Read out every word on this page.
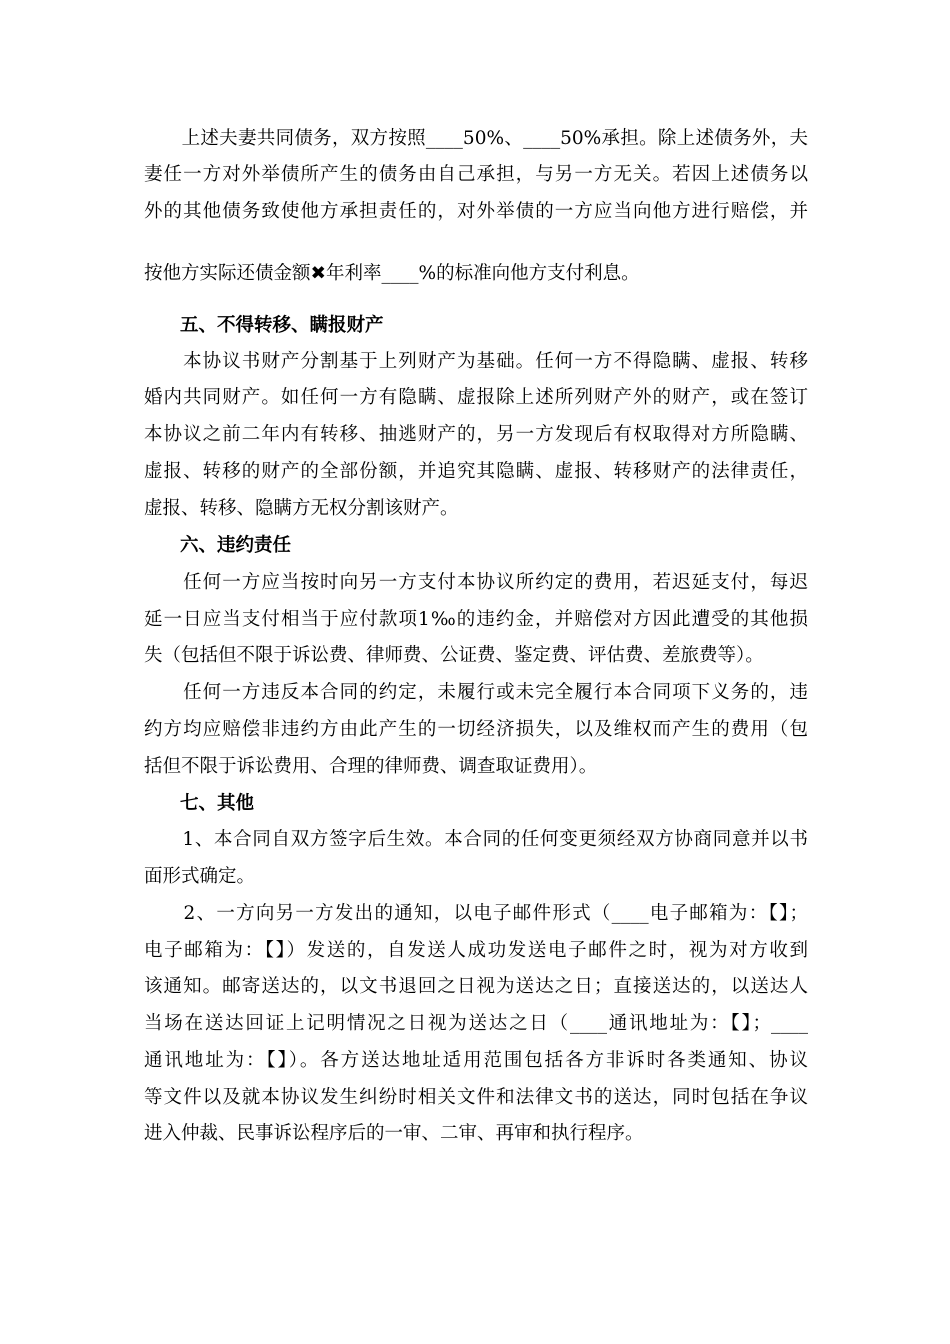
　　上述夫妻共同债务，双方按照____50%、____50%承担。除上述债务外，夫
妻任一方对外举债所产生的债务由自己承担，与另一方无关。若因上述债务以
外的其他债务致使他方承担责任的，对外举债的一方应当向他方进行赔偿，并
按他方实际还债金额✖年利率____%的标准向他方支付利息。
五、不得转移、瞒报财产
　　本协议书财产分割基于上列财产为基础。任何一方不得隐瞒、虚报、转移
婚内共同财产。如任何一方有隐瞒、虚报除上述所列财产外的财产，或在签订
本协议之前二年内有转移、抽逃财产的，另一方发现后有权取得对方所隐瞒、
虚报、转移的财产的全部份额，并追究其隐瞒、虚报、转移财产的法律责任，
虚报、转移、隐瞒方无权分割该财产。
六、违约责任
　　任何一方应当按时向另一方支付本协议所约定的费用，若迟延支付，每迟
延一日应当支付相当于应付款项1‰的违约金，并赔偿对方因此遭受的其他损
失（包括但不限于诉讼费、律师费、公证费、鉴定费、评估费、差旅费等）。
　　任何一方违反本合同的约定，未履行或未完全履行本合同项下义务的，违
约方均应赔偿非违约方由此产生的一切经济损失，以及维权而产生的费用（包
括但不限于诉讼费用、合理的律师费、调查取证费用）。
七、其他
　　1、本合同自双方签字后生效。本合同的任何变更须经双方协商同意并以书
面形式确定。
　　2、一方向另一方发出的通知，以电子邮件形式（____电子邮箱为：【】；
电子邮箱为：【】）发送的，自发送人成功发送电子邮件之时，视为对方收到
该通知。邮寄送达的，以文书退回之日视为送达之日；直接送达的，以送达人
当场在送达回证上记明情况之日视为送达之日（____通讯地址为：【】；____
通讯地址为：【】）。各方送达地址适用范围包括各方非诉时各类通知、协议
等文件以及就本协议发生纠纷时相关文件和法律文书的送达，同时包括在争议
进入仲裁、民事诉讼程序后的一审、二审、再审和执行程序。
